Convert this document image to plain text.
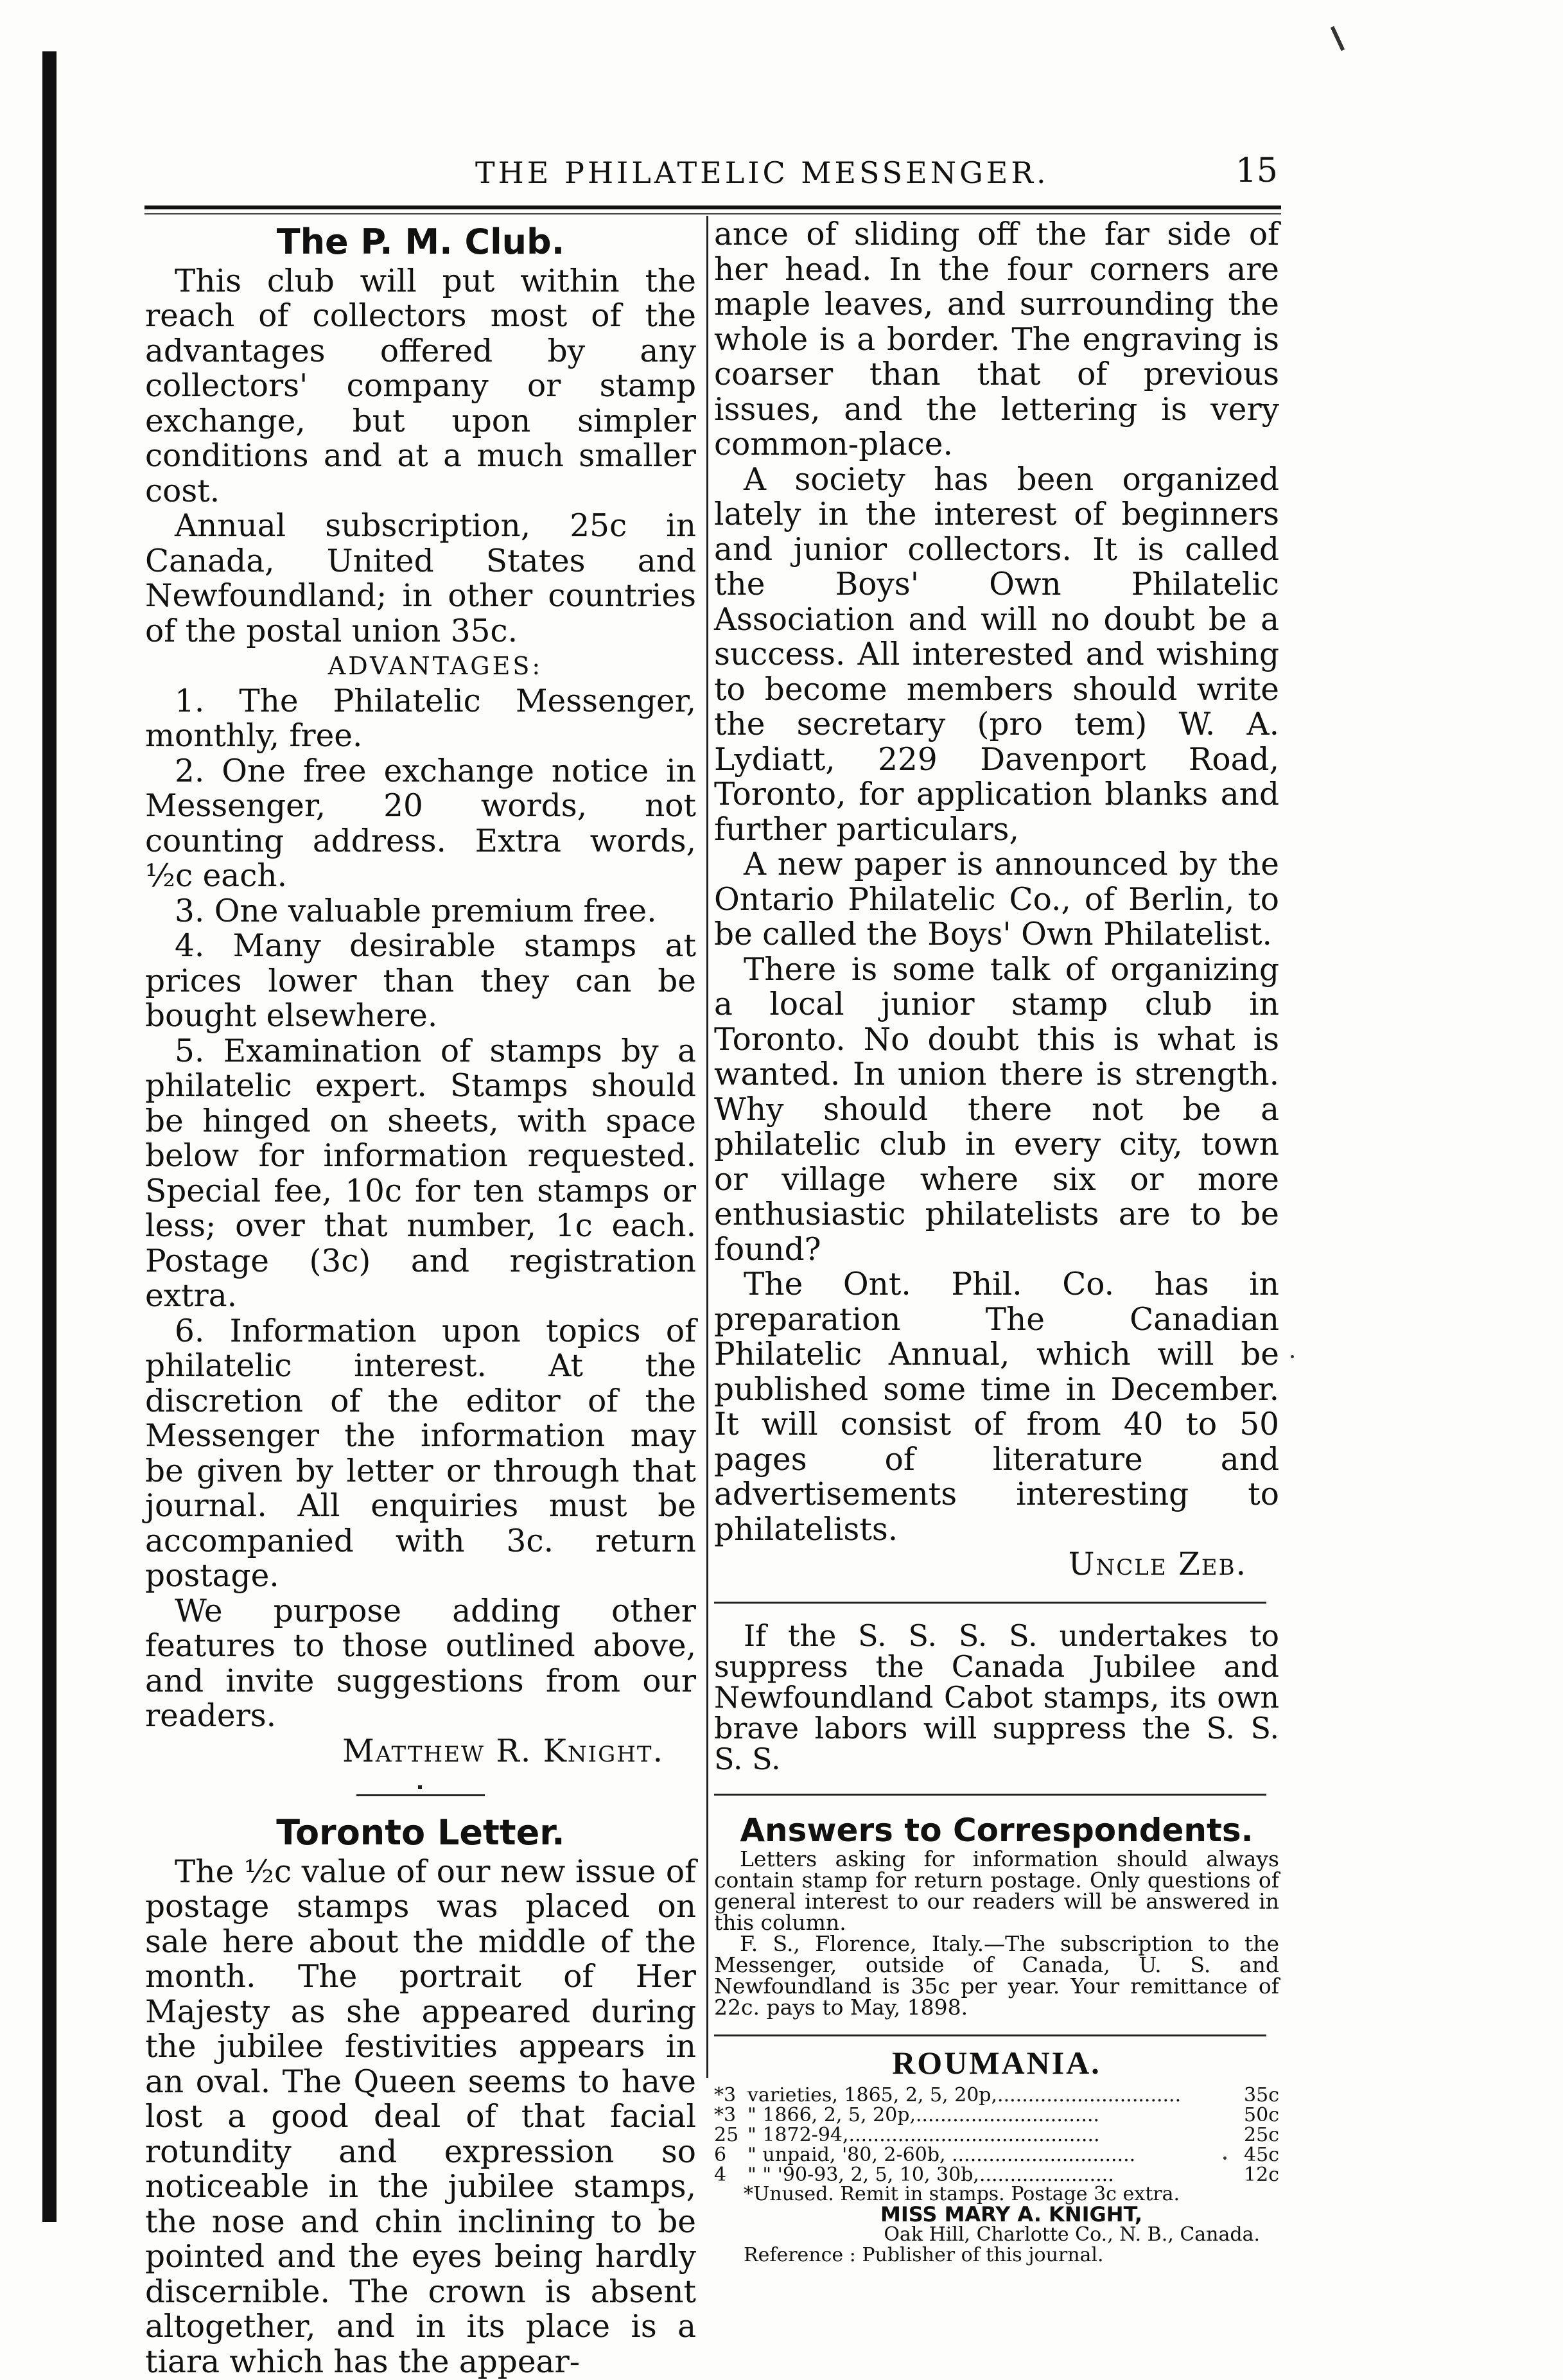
THE PHILATELIC MESSENGER.	15
The P. M. Club.

This club will put within the reach of collectors most of the advantages offered by any collectors' company or stamp exchange, but upon simpler conditions and at a much smaller cost.

Annual subscription, 25c in Canada, United States and Newfoundland; in other countries of the postal union 35c.

ADVANTAGES:

1. The Philatelic Messenger, monthly, free.

2. One free exchange notice in Messenger, 20 words, not counting address. Extra words, ½c each.

3. One valuable premium free.

4. Many desirable stamps at prices lower than they can be bought elsewhere.

5. Examination of stamps by a philatelic expert. Stamps should be hinged on sheets, with space below for information requested. Special fee, 10c for ten stamps or less; over that number, 1c each. Postage (3c) and registration extra.

6. Information upon topics of philatelic interest. At the discretion of the editor of the Messenger the information may be given by letter or through that journal. All enquiries must be accompanied with 3c. return postage.

We purpose adding other features to those outlined above, and invite suggestions from our readers.

Matthew R. Knight.

Toronto Letter.

The ½c value of our new issue of postage stamps was placed on sale here about the middle of the month. The portrait of Her Majesty as she appeared during the jubilee festivities appears in an oval. The Queen seems to have lost a good deal of that facial rotundity and expression so noticeable in the jubilee stamps, the nose and chin inclining to be pointed and the eyes being hardly discernible. The crown is absent altogether, and in its place is a tiara which has the appear-

ance of sliding off the far side of her head. In the four corners are maple leaves, and surrounding the whole is a border. The engraving is coarser than that of previous issues, and the lettering is very common-place.

A society has been organized lately in the interest of beginners and junior collectors. It is called the Boys' Own Philatelic Association and will no doubt be a success. All interested and wishing to become members should write the secretary (pro tem) W. A. Lydiatt, 229 Davenport Road, Toronto, for application blanks and further particulars,

A new paper is announced by the Ontario Philatelic Co., of Berlin, to be called the Boys' Own Philatelist.

There is some talk of organizing a local junior stamp club in Toronto. No doubt this is what is wanted. In union there is strength. Why should there not be a philatelic club in every city, town or village where six or more enthusiastic philatelists are to be found?

The Ont. Phil. Co. has in preparation The Canadian Philatelic Annual, which will be published some time in December. It will consist of from 40 to 50 pages of literature and advertisements interesting to philatelists.

Uncle Zeb.

If the S. S. S. S. undertakes to suppress the Canada Jubilee and Newfoundland Cabot stamps, its own brave labors will suppress the S. S. S. S.

Answers to Correspondents.

Letters asking for information should always contain stamp for return postage. Only questions of general interest to our readers will be answered in this column.

F. S., Florence, Italy.—The subscription to the Messenger, outside of Canada, U. S. and Newfoundland is 35c per year. Your remittance of 22c. pays to May, 1898.

ROUMANIA.
*3 varieties, 1865, 2, 5, 20p,..............................	35c
*3 " 1866, 2, 5, 20p,..............................	50c
25 " 1872-94,.........................................	25c
6	" unpaid, '80, 2-60b, ..............................	45c
4	" " '90-93, 2, 5, 10, 30b,......................	12c

*Unused. Remit in stamps. Postage 3c extra.

MISS MARY A. KNIGHT,

Oak Hill, Charlotte Co., N. B., Canada.

Reference : Publisher of this journal.
